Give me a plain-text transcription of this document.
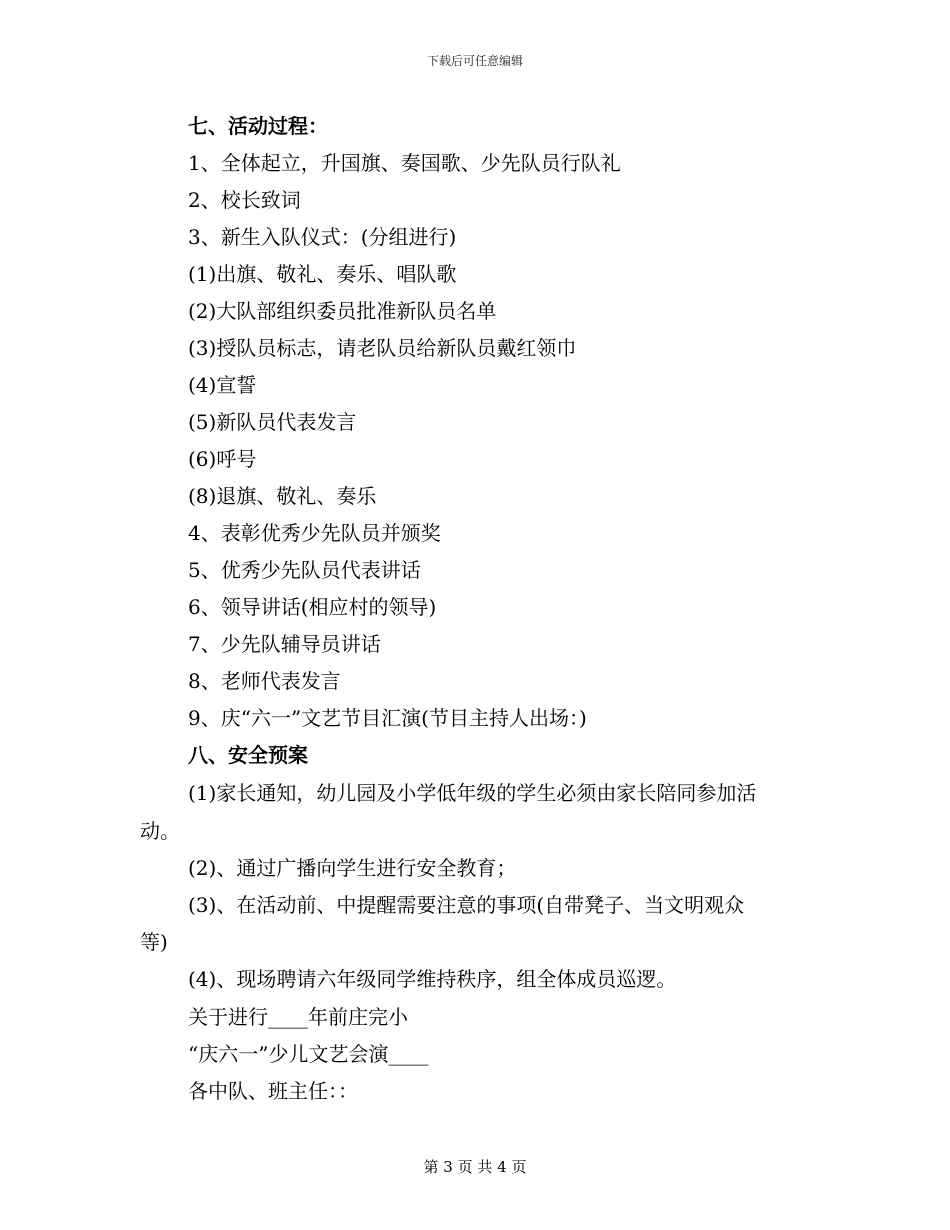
下载后可任意编辑
七、活动过程：
1、全体起立，升国旗、奏国歌、少先队员行队礼
2、校长致词
3、新生入队仪式：(分组进行)
(1)出旗、敬礼、奏乐、唱队歌
(2)大队部组织委员批准新队员名单
(3)授队员标志，请老队员给新队员戴红领巾
(4)宣誓
(5)新队员代表发言
(6)呼号
(8)退旗、敬礼、奏乐
4、表彰优秀少先队员并颁奖
5、优秀少先队员代表讲话
6、领导讲话(相应村的领导)
7、少先队辅导员讲话
8、老师代表发言
9、庆“六一”文艺节目汇演(节目主持人出场：)
八、安全预案
(1)家长通知，幼儿园及小学低年级的学生必须由家长陪同参加活
动。
(2)、通过广播向学生进行安全教育；
(3)、在活动前、中提醒需要注意的事项(自带凳子、当文明观众
等)
(4)、现场聘请六年级同学维持秩序，组全体成员巡逻。
关于进行____年前庄完小
“庆六一”少儿文艺会演____
各中队、班主任：：
第 3 页 共 4 页
